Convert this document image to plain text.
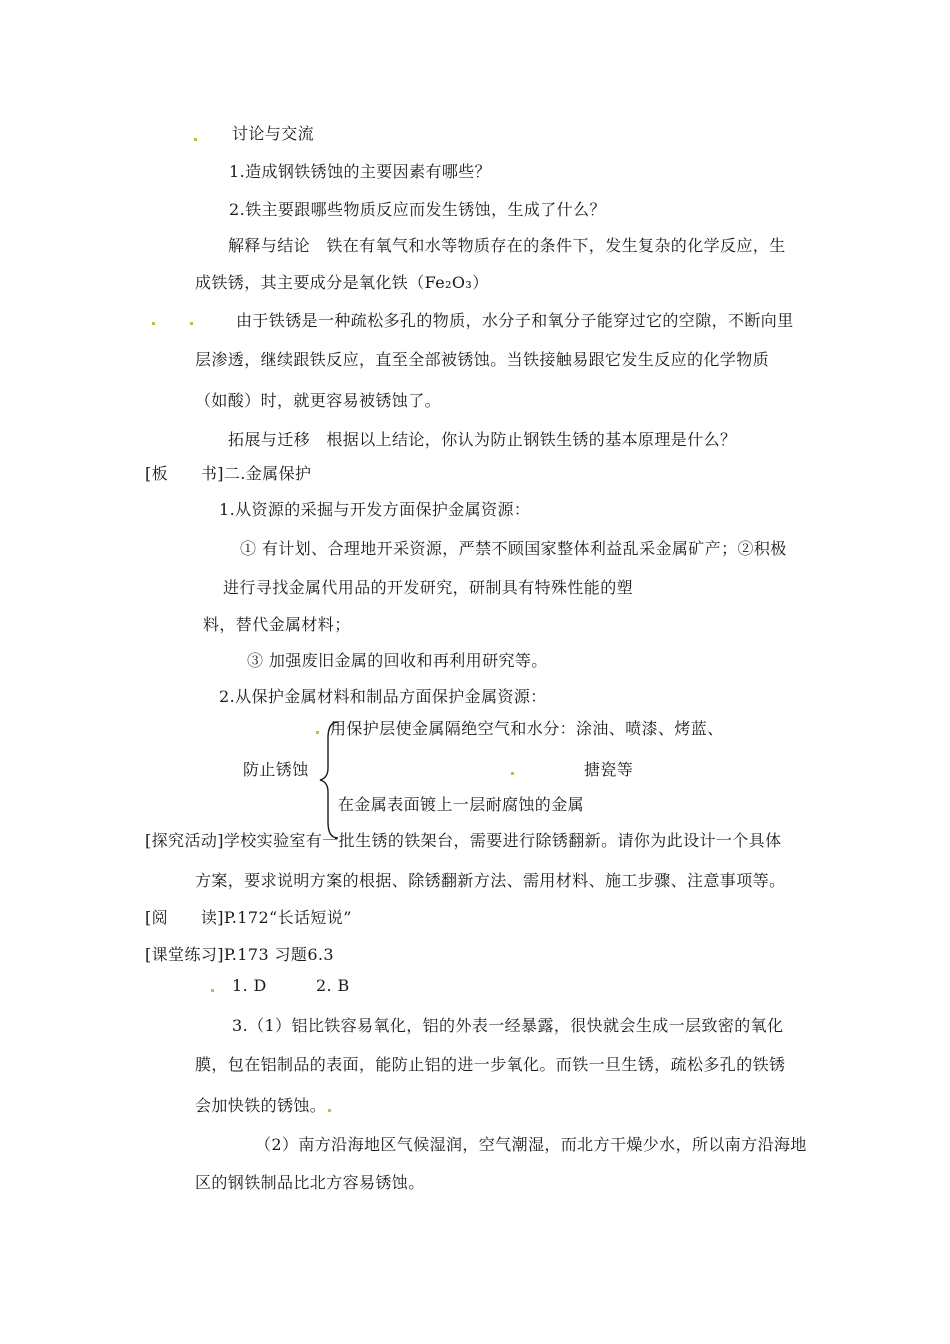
讨论与交流
1.造成钢铁锈蚀的主要因素有哪些？
2.铁主要跟哪些物质反应而发生锈蚀，生成了什么？
解释与结论　铁在有氧气和水等物质存在的条件下，发生复杂的化学反应，生
成铁锈，其主要成分是氧化铁（Fe₂O₃）
由于铁锈是一种疏松多孔的物质，水分子和氧分子能穿过它的空隙，不断向里
层渗透，继续跟铁反应，直至全部被锈蚀。当铁接触易跟它发生反应的化学物质
（如酸）时，就更容易被锈蚀了。
拓展与迁移　根据以上结论，你认为防止钢铁生锈的基本原理是什么？
[板　　书]二.金属保护
1.从资源的采掘与开发方面保护金属资源：
① 有计划、合理地开采资源，严禁不顾国家整体利益乱采金属矿产；②积极
进行寻找金属代用品的开发研究，研制具有特殊性能的塑
料，替代金属材料；
③ 加强废旧金属的回收和再利用研究等。
2.从保护金属材料和制品方面保护金属资源：
防止锈蚀
用保护层使金属隔绝空气和水分：涂油、喷漆、烤蓝、
搪瓷等
在金属表面镀上一层耐腐蚀的金属
[探究活动]学校实验室有一批生锈的铁架台，需要进行除锈翻新。请你为此设计一个具体
方案，要求说明方案的根据、除锈翻新方法、需用材料、施工步骤、注意事项等。
[阅　　读]P.172“长话短说”
[课堂练习]P.173 习题6.3
1. D　　　2. B
3.（1）铝比铁容易氧化，铝的外表一经暴露，很快就会生成一层致密的氧化
膜，包在铝制品的表面，能防止铝的进一步氧化。而铁一旦生锈，疏松多孔的铁锈
会加快铁的锈蚀。
（2）南方沿海地区气候湿润，空气潮湿，而北方干燥少水，所以南方沿海地
区的钢铁制品比北方容易锈蚀。
